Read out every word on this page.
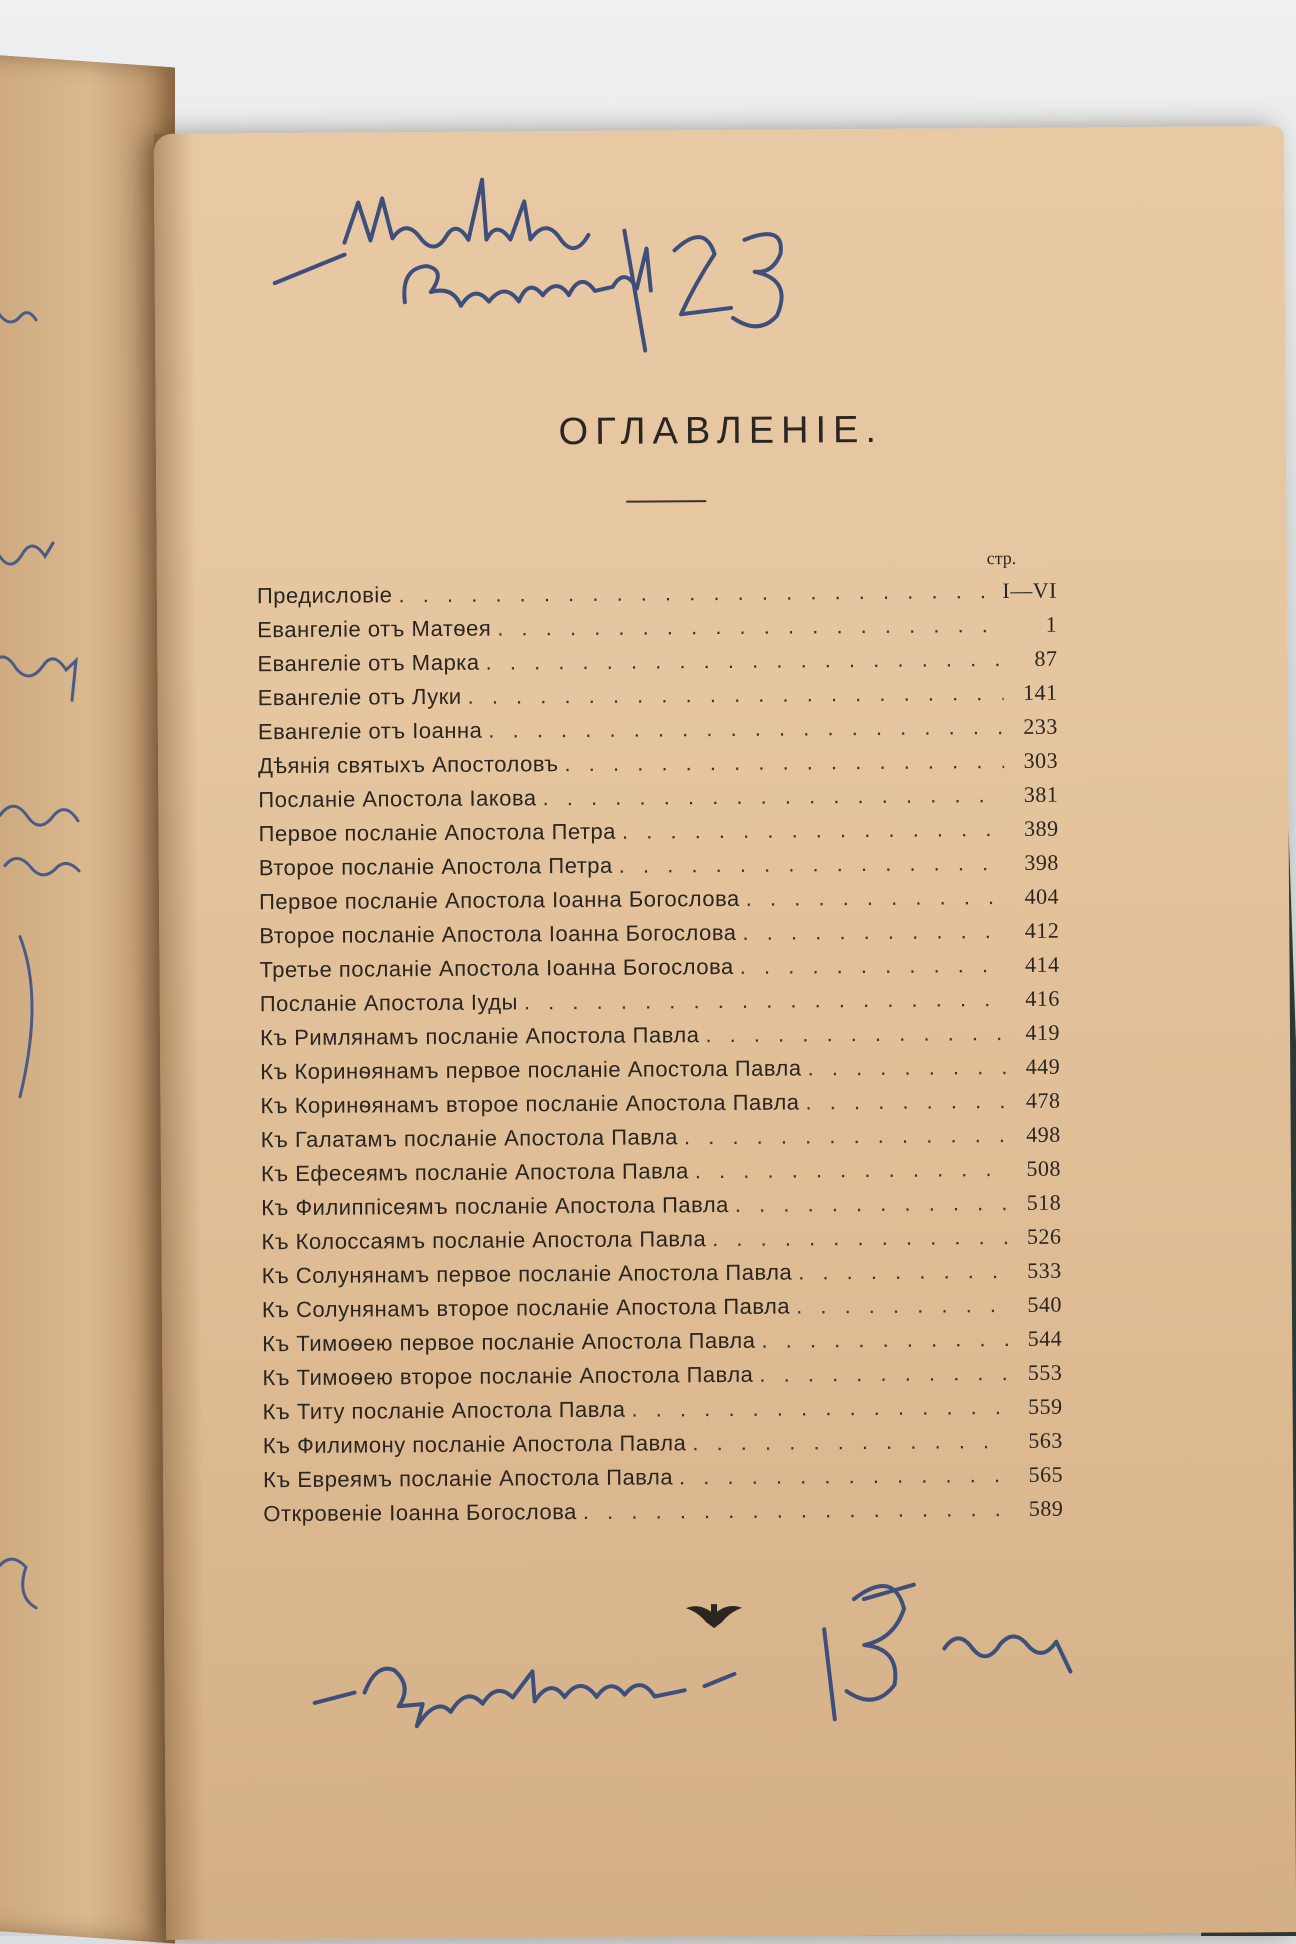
ОГЛАВЛЕНІЕ.
стр.
Предисловіе . . .	I—VI
Евангеліе отъ Матѳея . . .	1
Евангеліе отъ Марка . . .	87
Евангеліе отъ Луки . . .	141
Евангеліе отъ Іоанна . . .	233
Дѣянія святыхъ Апостоловъ . . .	303
Посланіе Апостола Іакова . . .	381
Первое посланіе Апостола Петра . . .	389
Второе посланіе Апостола Петра . . .	398
Первое посланіе Апостола Іоанна Богослова . . .	404
Второе посланіе Апостола Іоанна Богослова . . .	412
Третье посланіе Апостола Іоанна Богослова . . .	414
Посланіе Апостола Іуды . . .	416
Къ Римлянамъ посланіе Апостола Павла . . .	419
Къ Коринѳянамъ первое посланіе Апостола Павла . . .	449
Къ Коринѳянамъ второе посланіе Апостола Павла . . .	478
Къ Галатамъ посланіе Апостола Павла . . .	498
Къ Ефесеямъ посланіе Апостола Павла . . .	508
Къ Филиппісеямъ посланіе Апостола Павла . . .	518
Къ Колоссаямъ посланіе Апостола Павла . . .	526
Къ Солунянамъ первое посланіе Апостола Павла . . .	533
Къ Солунянамъ второе посланіе Апостола Павла . . .	540
Къ Тимоѳею первое посланіе Апостола Павла . . .	544
Къ Тимоѳею второе посланіе Апостола Павла . . .	553
Къ Титу посланіе Апостола Павла . . .	559
Къ Филимону посланіе Апостола Павла . . .	563
Къ Евреямъ посланіе Апостола Павла . . .	565
Откровеніе Іоанна Богослова . . .	589
